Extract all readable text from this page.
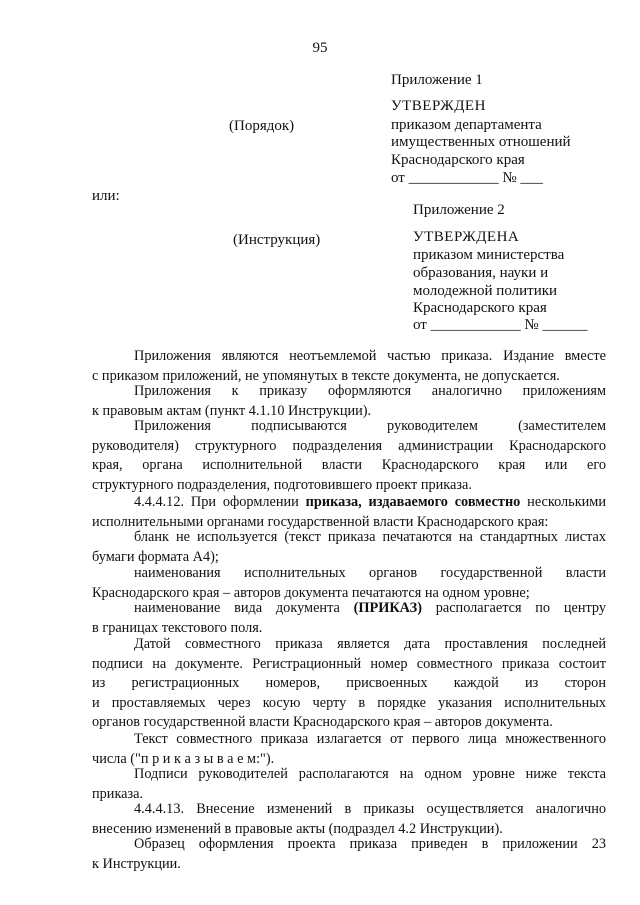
95
Приложение 1
(Порядок)
УТВЕРЖДЕН
приказом департамента
имущественных отношений
Краснодарского края
от ____________ № ___
или:
Приложение 2
(Инструкция)	УТВЕРЖДЕНА
приказом министерства
образования, науки и
молодежной политики
Краснодарского края
от ____________ № ______
Приложения являются неотъемлемой частью приказа. Издание вместе
с приказом приложений, не упомянутых в тексте документа, не допускается.
Приложения к приказу оформляются аналогично приложениям
к правовым актам (пункт 4.1.10 Инструкции).
Приложения подписываются руководителем (заместителем
руководителя) структурного подразделения администрации Краснодарского
края, органа исполнительной власти Краснодарского края или его
структурного подразделения, подготовившего проект приказа.
4.4.4.12. При оформлении приказа, издаваемого совместно несколькими
исполнительными органами государственной власти Краснодарского края:
бланк не используется (текст приказа печатаются на стандартных листах
бумаги формата А4);
наименования исполнительных органов государственной власти
Краснодарского края – авторов документа печатаются на одном уровне;
наименование вида документа (ПРИКАЗ) располагается по центру
в границах текстового поля.
Датой совместного приказа является дата проставления последней
подписи на документе. Регистрационный номер совместного приказа состоит
из регистрационных номеров, присвоенных каждой из сторон
и проставляемых через косую черту в порядке указания исполнительных
органов государственной власти Краснодарского края – авторов документа.
Текст совместного приказа излагается от первого лица множественного
числа ("п р и к а з ы в а е м:").
Подписи руководителей располагаются на одном уровне ниже текста
приказа.
4.4.4.13. Внесение изменений в приказы осуществляется аналогично
внесению изменений в правовые акты (подраздел 4.2 Инструкции).
Образец оформления проекта приказа приведен в приложении 23
к Инструкции.
